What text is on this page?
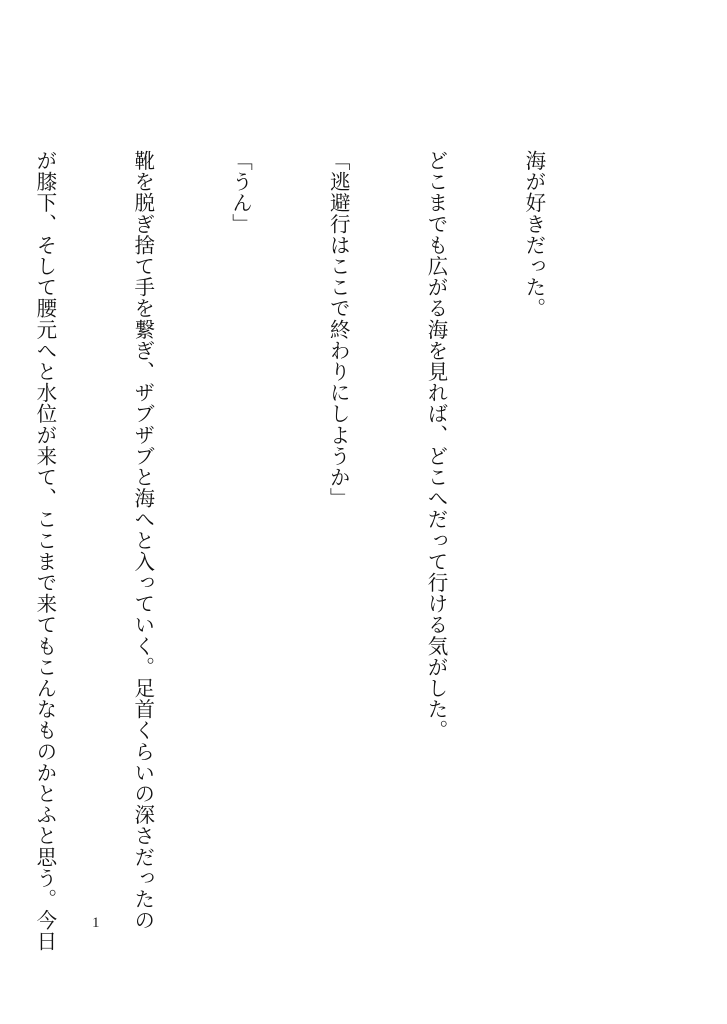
海が好きだった。

どこまでも広がる海を見れば、どこへだって行ける気がした。

「逃避行はここで終わりにしようか」

「うん」

靴を脱ぎ捨て手を繋ぎ、ザブザブと海へと入っていく。足首くらいの深さだったの

が膝下、そして腰元へと水位が来て、ここまで来てもこんなものかとふと思う。今日

1
